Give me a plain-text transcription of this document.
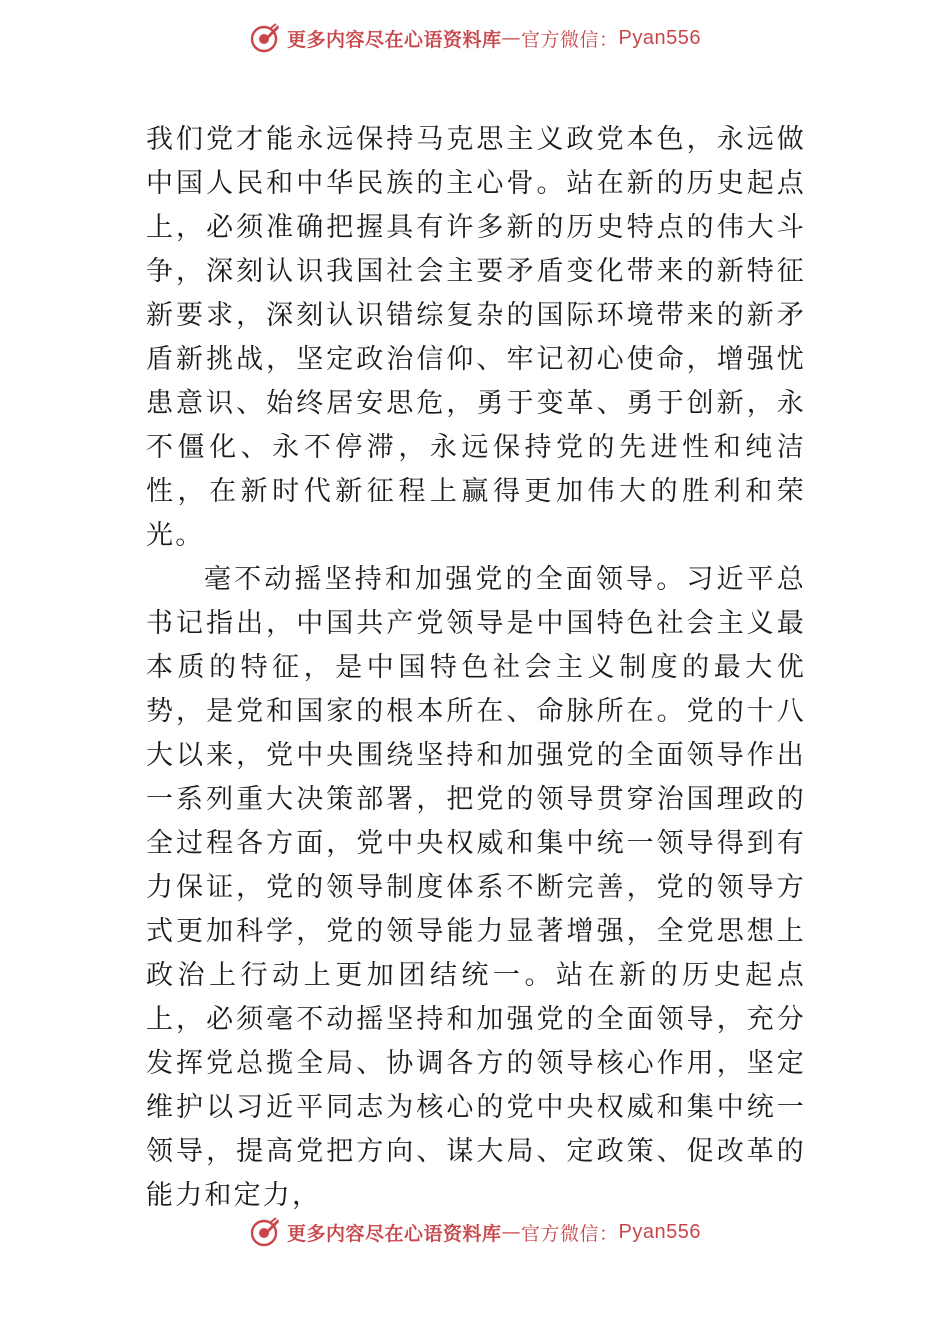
更多内容尽在心语资料库 — 官方微信： Pyan556

我们党才能永远保持马克思主义政党本色，永远做中国人民和中华民族的主心骨。站在新的历史起点上，必须准确把握具有许多新的历史特点的伟大斗争，深刻认识我国社会主要矛盾变化带来的新特征新要求，深刻认识错综复杂的国际环境带来的新矛盾新挑战，坚定政治信仰、牢记初心使命，增强忧患意识、始终居安思危，勇于变革、勇于创新，永不僵化、永不停滞，永远保持党的先进性和纯洁性，在新时代新征程上赢得更加伟大的胜利和荣光。

毫不动摇坚持和加强党的全面领导。习近平总书记指出，中国共产党领导是中国特色社会主义最本质的特征，是中国特色社会主义制度的最大优势，是党和国家的根本所在、命脉所在。党的十八大以来，党中央围绕坚持和加强党的全面领导作出一系列重大决策部署，把党的领导贯穿治国理政的全过程各方面，党中央权威和集中统一领导得到有力保证，党的领导制度体系不断完善，党的领导方式更加科学，党的领导能力显著增强，全党思想上政治上行动上更加团结统一。站在新的历史起点上，必须毫不动摇坚持和加强党的全面领导，充分发挥党总揽全局、协调各方的领导核心作用，坚定维护以习近平同志为核心的党中央权威和集中统一领导，提高党把方向、谋大局、定政策、促改革的能力和定力，

更多内容尽在心语资料库 — 官方微信： Pyan556
